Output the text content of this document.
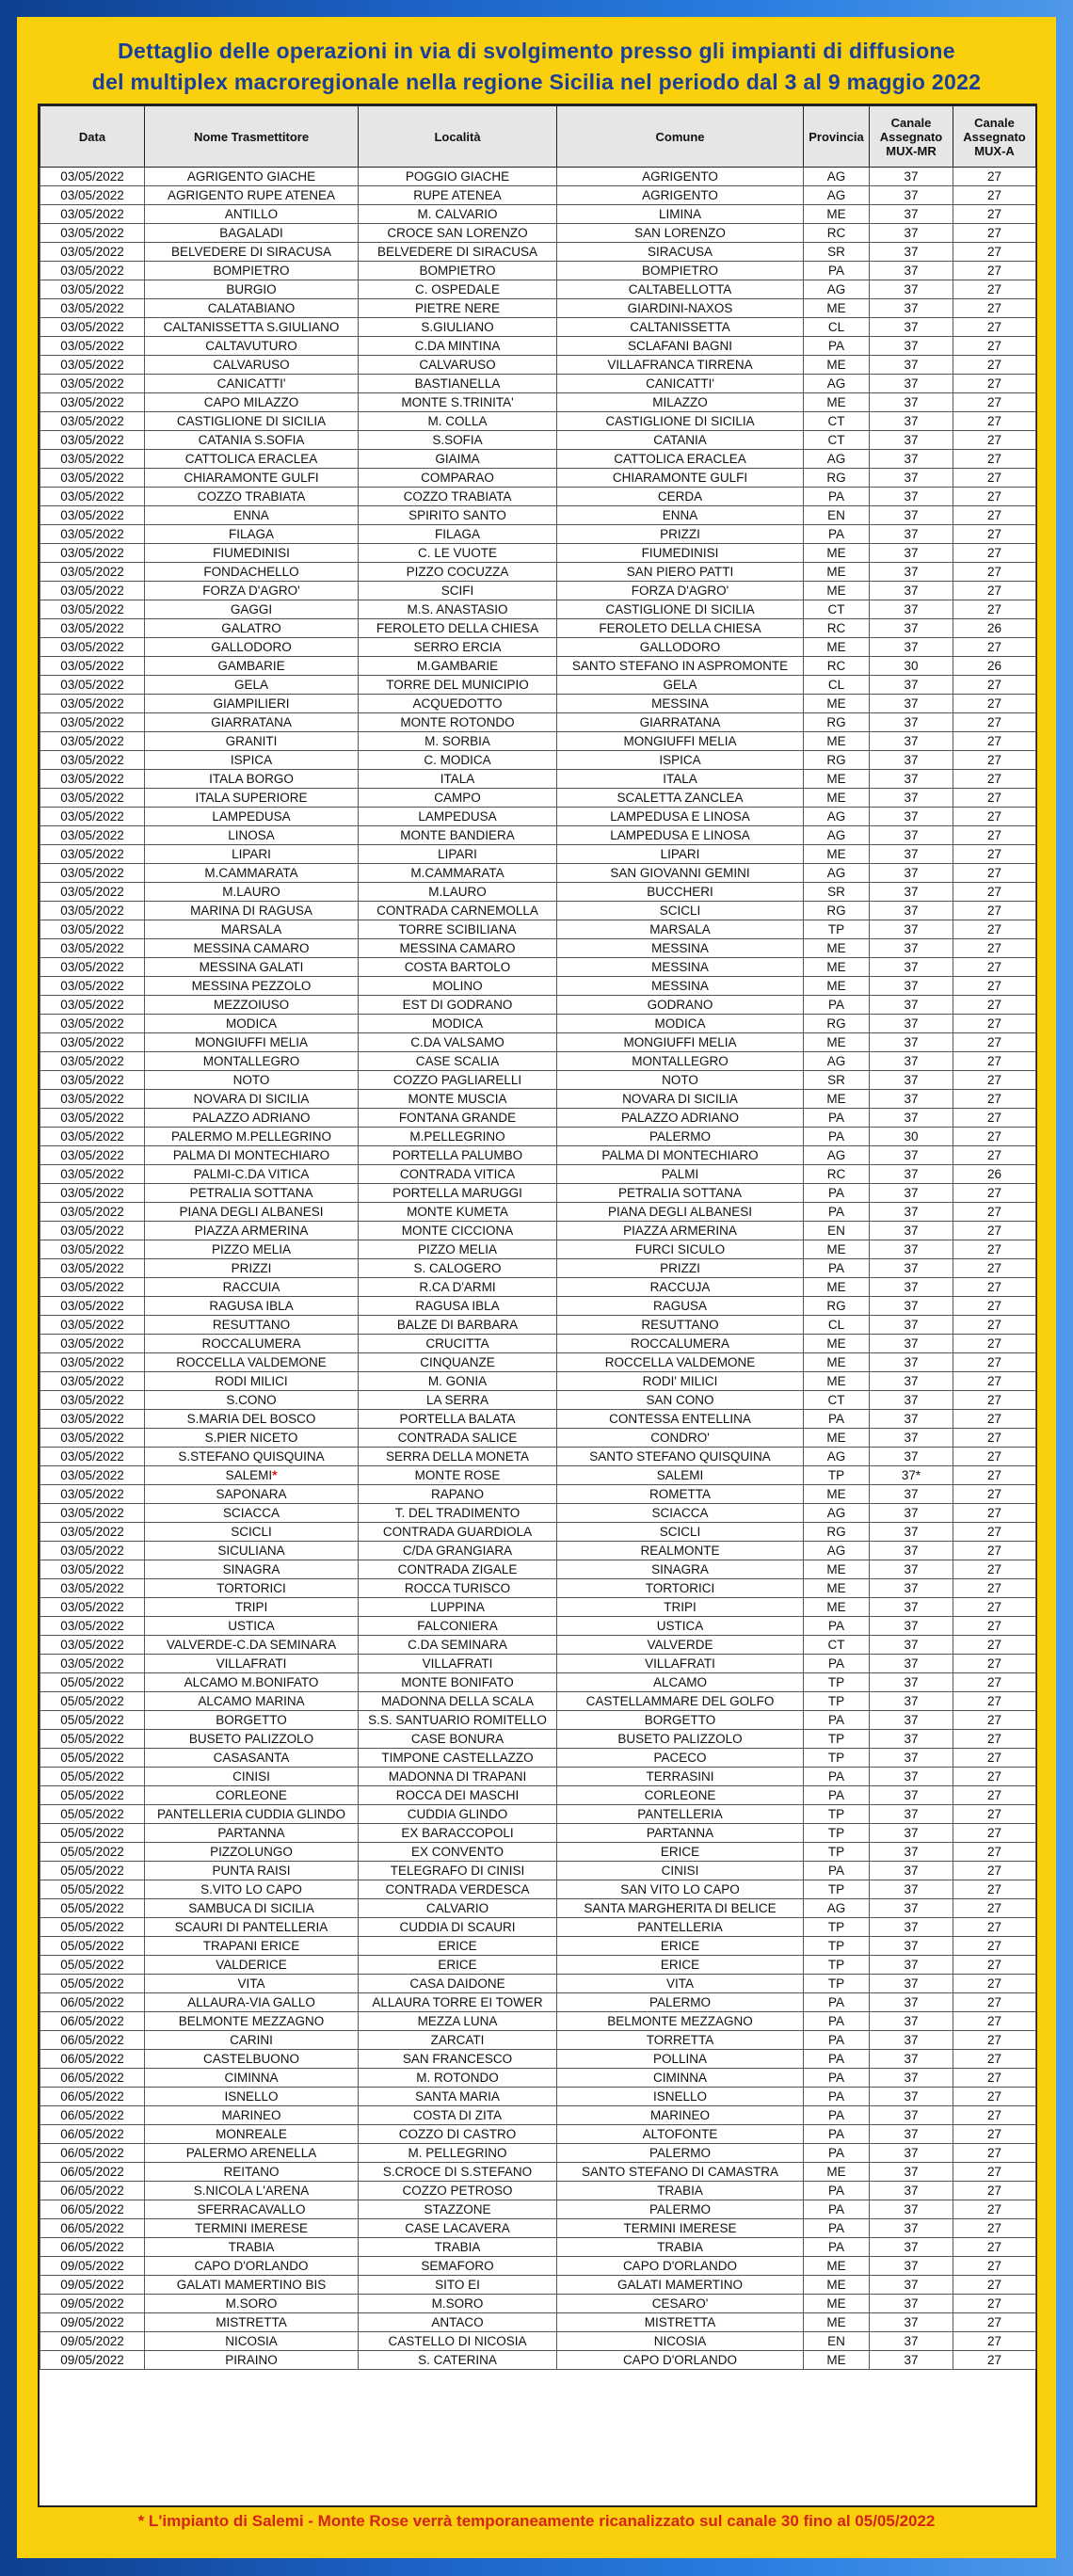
Dettaglio delle operazioni in via di svolgimento presso gli impianti di diffusione
del multiplex macroregionale nella regione Sicilia nel periodo dal 3 al 9 maggio 2022
Data	Nome Trasmettitore	Località	Comune	Provincia	Canale Assegnato MUX-MR	Canale Assegnato MUX-A
03/05/2022	AGRIGENTO GIACHE	POGGIO GIACHE	AGRIGENTO	AG	37	27
03/05/2022	AGRIGENTO RUPE ATENEA	RUPE ATENEA	AGRIGENTO	AG	37	27
03/05/2022	ANTILLO	M. CALVARIO	LIMINA	ME	37	27
03/05/2022	BAGALADI	CROCE SAN LORENZO	SAN LORENZO	RC	37	27
03/05/2022	BELVEDERE DI SIRACUSA	BELVEDERE DI SIRACUSA	SIRACUSA	SR	37	27
03/05/2022	BOMPIETRO	BOMPIETRO	BOMPIETRO	PA	37	27
03/05/2022	BURGIO	C. OSPEDALE	CALTABELLOTTA	AG	37	27
03/05/2022	CALATABIANO	PIETRE NERE	GIARDINI-NAXOS	ME	37	27
03/05/2022	CALTANISSETTA S.GIULIANO	S.GIULIANO	CALTANISSETTA	CL	37	27
03/05/2022	CALTAVUTURO	C.DA MINTINA	SCLAFANI BAGNI	PA	37	27
03/05/2022	CALVARUSO	CALVARUSO	VILLAFRANCA TIRRENA	ME	37	27
03/05/2022	CANICATTI'	BASTIANELLA	CANICATTI'	AG	37	27
03/05/2022	CAPO MILAZZO	MONTE S.TRINITA'	MILAZZO	ME	37	27
03/05/2022	CASTIGLIONE DI SICILIA	M. COLLA	CASTIGLIONE DI SICILIA	CT	37	27
03/05/2022	CATANIA S.SOFIA	S.SOFIA	CATANIA	CT	37	27
03/05/2022	CATTOLICA ERACLEA	GIAIMA	CATTOLICA ERACLEA	AG	37	27
03/05/2022	CHIARAMONTE GULFI	COMPARAO	CHIARAMONTE GULFI	RG	37	27
03/05/2022	COZZO TRABIATA	COZZO TRABIATA	CERDA	PA	37	27
03/05/2022	ENNA	SPIRITO SANTO	ENNA	EN	37	27
03/05/2022	FILAGA	FILAGA	PRIZZI	PA	37	27
03/05/2022	FIUMEDINISI	C. LE VUOTE	FIUMEDINISI	ME	37	27
03/05/2022	FONDACHELLO	PIZZO COCUZZA	SAN PIERO PATTI	ME	37	27
03/05/2022	FORZA D'AGRO'	SCIFI	FORZA D'AGRO'	ME	37	27
03/05/2022	GAGGI	M.S. ANASTASIO	CASTIGLIONE DI SICILIA	CT	37	27
03/05/2022	GALATRO	FEROLETO DELLA CHIESA	FEROLETO DELLA CHIESA	RC	37	26
03/05/2022	GALLODORO	SERRO ERCIA	GALLODORO	ME	37	27
03/05/2022	GAMBARIE	M.GAMBARIE	SANTO STEFANO IN ASPROMONTE	RC	30	26
03/05/2022	GELA	TORRE DEL MUNICIPIO	GELA	CL	37	27
03/05/2022	GIAMPILIERI	ACQUEDOTTO	MESSINA	ME	37	27
03/05/2022	GIARRATANA	MONTE ROTONDO	GIARRATANA	RG	37	27
03/05/2022	GRANITI	M. SORBIA	MONGIUFFI MELIA	ME	37	27
03/05/2022	ISPICA	C. MODICA	ISPICA	RG	37	27
03/05/2022	ITALA BORGO	ITALA	ITALA	ME	37	27
03/05/2022	ITALA SUPERIORE	CAMPO	SCALETTA ZANCLEA	ME	37	27
03/05/2022	LAMPEDUSA	LAMPEDUSA	LAMPEDUSA E LINOSA	AG	37	27
03/05/2022	LINOSA	MONTE BANDIERA	LAMPEDUSA E LINOSA	AG	37	27
03/05/2022	LIPARI	LIPARI	LIPARI	ME	37	27
03/05/2022	M.CAMMARATA	M.CAMMARATA	SAN GIOVANNI GEMINI	AG	37	27
03/05/2022	M.LAURO	M.LAURO	BUCCHERI	SR	37	27
03/05/2022	MARINA DI RAGUSA	CONTRADA CARNEMOLLA	SCICLI	RG	37	27
03/05/2022	MARSALA	TORRE SCIBILIANA	MARSALA	TP	37	27
03/05/2022	MESSINA CAMARO	MESSINA CAMARO	MESSINA	ME	37	27
03/05/2022	MESSINA GALATI	COSTA BARTOLO	MESSINA	ME	37	27
03/05/2022	MESSINA PEZZOLO	MOLINO	MESSINA	ME	37	27
03/05/2022	MEZZOIUSO	EST DI GODRANO	GODRANO	PA	37	27
03/05/2022	MODICA	MODICA	MODICA	RG	37	27
03/05/2022	MONGIUFFI MELIA	C.DA VALSAMO	MONGIUFFI MELIA	ME	37	27
03/05/2022	MONTALLEGRO	CASE SCALIA	MONTALLEGRO	AG	37	27
03/05/2022	NOTO	COZZO PAGLIARELLI	NOTO	SR	37	27
03/05/2022	NOVARA DI SICILIA	MONTE MUSCIA	NOVARA DI SICILIA	ME	37	27
03/05/2022	PALAZZO ADRIANO	FONTANA GRANDE	PALAZZO ADRIANO	PA	37	27
03/05/2022	PALERMO M.PELLEGRINO	M.PELLEGRINO	PALERMO	PA	30	27
03/05/2022	PALMA DI MONTECHIARO	PORTELLA PALUMBO	PALMA DI MONTECHIARO	AG	37	27
03/05/2022	PALMI-C.DA VITICA	CONTRADA VITICA	PALMI	RC	37	26
03/05/2022	PETRALIA SOTTANA	PORTELLA MARUGGI	PETRALIA SOTTANA	PA	37	27
03/05/2022	PIANA DEGLI ALBANESI	MONTE KUMETA	PIANA DEGLI ALBANESI	PA	37	27
03/05/2022	PIAZZA ARMERINA	MONTE CICCIONA	PIAZZA ARMERINA	EN	37	27
03/05/2022	PIZZO MELIA	PIZZO MELIA	FURCI SICULO	ME	37	27
03/05/2022	PRIZZI	S. CALOGERO	PRIZZI	PA	37	27
03/05/2022	RACCUIA	R.CA D'ARMI	RACCUJA	ME	37	27
03/05/2022	RAGUSA IBLA	RAGUSA IBLA	RAGUSA	RG	37	27
03/05/2022	RESUTTANO	BALZE DI BARBARA	RESUTTANO	CL	37	27
03/05/2022	ROCCALUMERA	CRUCITTA	ROCCALUMERA	ME	37	27
03/05/2022	ROCCELLA VALDEMONE	CINQUANZE	ROCCELLA VALDEMONE	ME	37	27
03/05/2022	RODI MILICI	M. GONIA	RODI' MILICI	ME	37	27
03/05/2022	S.CONO	LA SERRA	SAN CONO	CT	37	27
03/05/2022	S.MARIA DEL BOSCO	PORTELLA BALATA	CONTESSA ENTELLINA	PA	37	27
03/05/2022	S.PIER NICETO	CONTRADA SALICE	CONDRO'	ME	37	27
03/05/2022	S.STEFANO QUISQUINA	SERRA DELLA MONETA	SANTO STEFANO QUISQUINA	AG	37	27
03/05/2022	SALEMI*	MONTE ROSE	SALEMI	TP	37*	27
03/05/2022	SAPONARA	RAPANO	ROMETTA	ME	37	27
03/05/2022	SCIACCA	T. DEL TRADIMENTO	SCIACCA	AG	37	27
03/05/2022	SCICLI	CONTRADA GUARDIOLA	SCICLI	RG	37	27
03/05/2022	SICULIANA	C/DA GRANGIARA	REALMONTE	AG	37	27
03/05/2022	SINAGRA	CONTRADA ZIGALE	SINAGRA	ME	37	27
03/05/2022	TORTORICI	ROCCA TURISCO	TORTORICI	ME	37	27
03/05/2022	TRIPI	LUPPINA	TRIPI	ME	37	27
03/05/2022	USTICA	FALCONIERA	USTICA	PA	37	27
03/05/2022	VALVERDE-C.DA SEMINARA	C.DA SEMINARA	VALVERDE	CT	37	27
03/05/2022	VILLAFRATI	VILLAFRATI	VILLAFRATI	PA	37	27
05/05/2022	ALCAMO M.BONIFATO	MONTE BONIFATO	ALCAMO	TP	37	27
05/05/2022	ALCAMO MARINA	MADONNA DELLA SCALA	CASTELLAMMARE DEL GOLFO	TP	37	27
05/05/2022	BORGETTO	S.S. SANTUARIO ROMITELLO	BORGETTO	PA	37	27
05/05/2022	BUSETO PALIZZOLO	CASE BONURA	BUSETO PALIZZOLO	TP	37	27
05/05/2022	CASASANTA	TIMPONE CASTELLAZZO	PACECO	TP	37	27
05/05/2022	CINISI	MADONNA DI TRAPANI	TERRASINI	PA	37	27
05/05/2022	CORLEONE	ROCCA DEI MASCHI	CORLEONE	PA	37	27
05/05/2022	PANTELLERIA CUDDIA GLINDO	CUDDIA GLINDO	PANTELLERIA	TP	37	27
05/05/2022	PARTANNA	EX BARACCOPOLI	PARTANNA	TP	37	27
05/05/2022	PIZZOLUNGO	EX CONVENTO	ERICE	TP	37	27
05/05/2022	PUNTA RAISI	TELEGRAFO DI CINISI	CINISI	PA	37	27
05/05/2022	S.VITO LO CAPO	CONTRADA VERDESCA	SAN VITO LO CAPO	TP	37	27
05/05/2022	SAMBUCA DI SICILIA	CALVARIO	SANTA MARGHERITA DI BELICE	AG	37	27
05/05/2022	SCAURI DI PANTELLERIA	CUDDIA DI SCAURI	PANTELLERIA	TP	37	27
05/05/2022	TRAPANI ERICE	ERICE	ERICE	TP	37	27
05/05/2022	VALDERICE	ERICE	ERICE	TP	37	27
05/05/2022	VITA	CASA DAIDONE	VITA	TP	37	27
06/05/2022	ALLAURA-VIA GALLO	ALLAURA TORRE EI TOWER	PALERMO	PA	37	27
06/05/2022	BELMONTE MEZZAGNO	MEZZA LUNA	BELMONTE MEZZAGNO	PA	37	27
06/05/2022	CARINI	ZARCATI	TORRETTA	PA	37	27
06/05/2022	CASTELBUONO	SAN FRANCESCO	POLLINA	PA	37	27
06/05/2022	CIMINNA	M. ROTONDO	CIMINNA	PA	37	27
06/05/2022	ISNELLO	SANTA MARIA	ISNELLO	PA	37	27
06/05/2022	MARINEO	COSTA DI ZITA	MARINEO	PA	37	27
06/05/2022	MONREALE	COZZO DI CASTRO	ALTOFONTE	PA	37	27
06/05/2022	PALERMO ARENELLA	M. PELLEGRINO	PALERMO	PA	37	27
06/05/2022	REITANO	S.CROCE DI S.STEFANO	SANTO STEFANO DI CAMASTRA	ME	37	27
06/05/2022	S.NICOLA L'ARENA	COZZO PETROSO	TRABIA	PA	37	27
06/05/2022	SFERRACAVALLO	STAZZONE	PALERMO	PA	37	27
06/05/2022	TERMINI IMERESE	CASE LACAVERA	TERMINI IMERESE	PA	37	27
06/05/2022	TRABIA	TRABIA	TRABIA	PA	37	27
09/05/2022	CAPO D'ORLANDO	SEMAFORO	CAPO D'ORLANDO	ME	37	27
09/05/2022	GALATI MAMERTINO BIS	SITO EI	GALATI MAMERTINO	ME	37	27
09/05/2022	M.SORO	M.SORO	CESARO'	ME	37	27
09/05/2022	MISTRETTA	ANTACO	MISTRETTA	ME	37	27
09/05/2022	NICOSIA	CASTELLO DI NICOSIA	NICOSIA	EN	37	27
09/05/2022	PIRAINO	S. CATERINA	CAPO D'ORLANDO	ME	37	27
* L'impianto di Salemi - Monte Rose verrà temporaneamente ricanalizzato sul canale 30 fino al 05/05/2022
